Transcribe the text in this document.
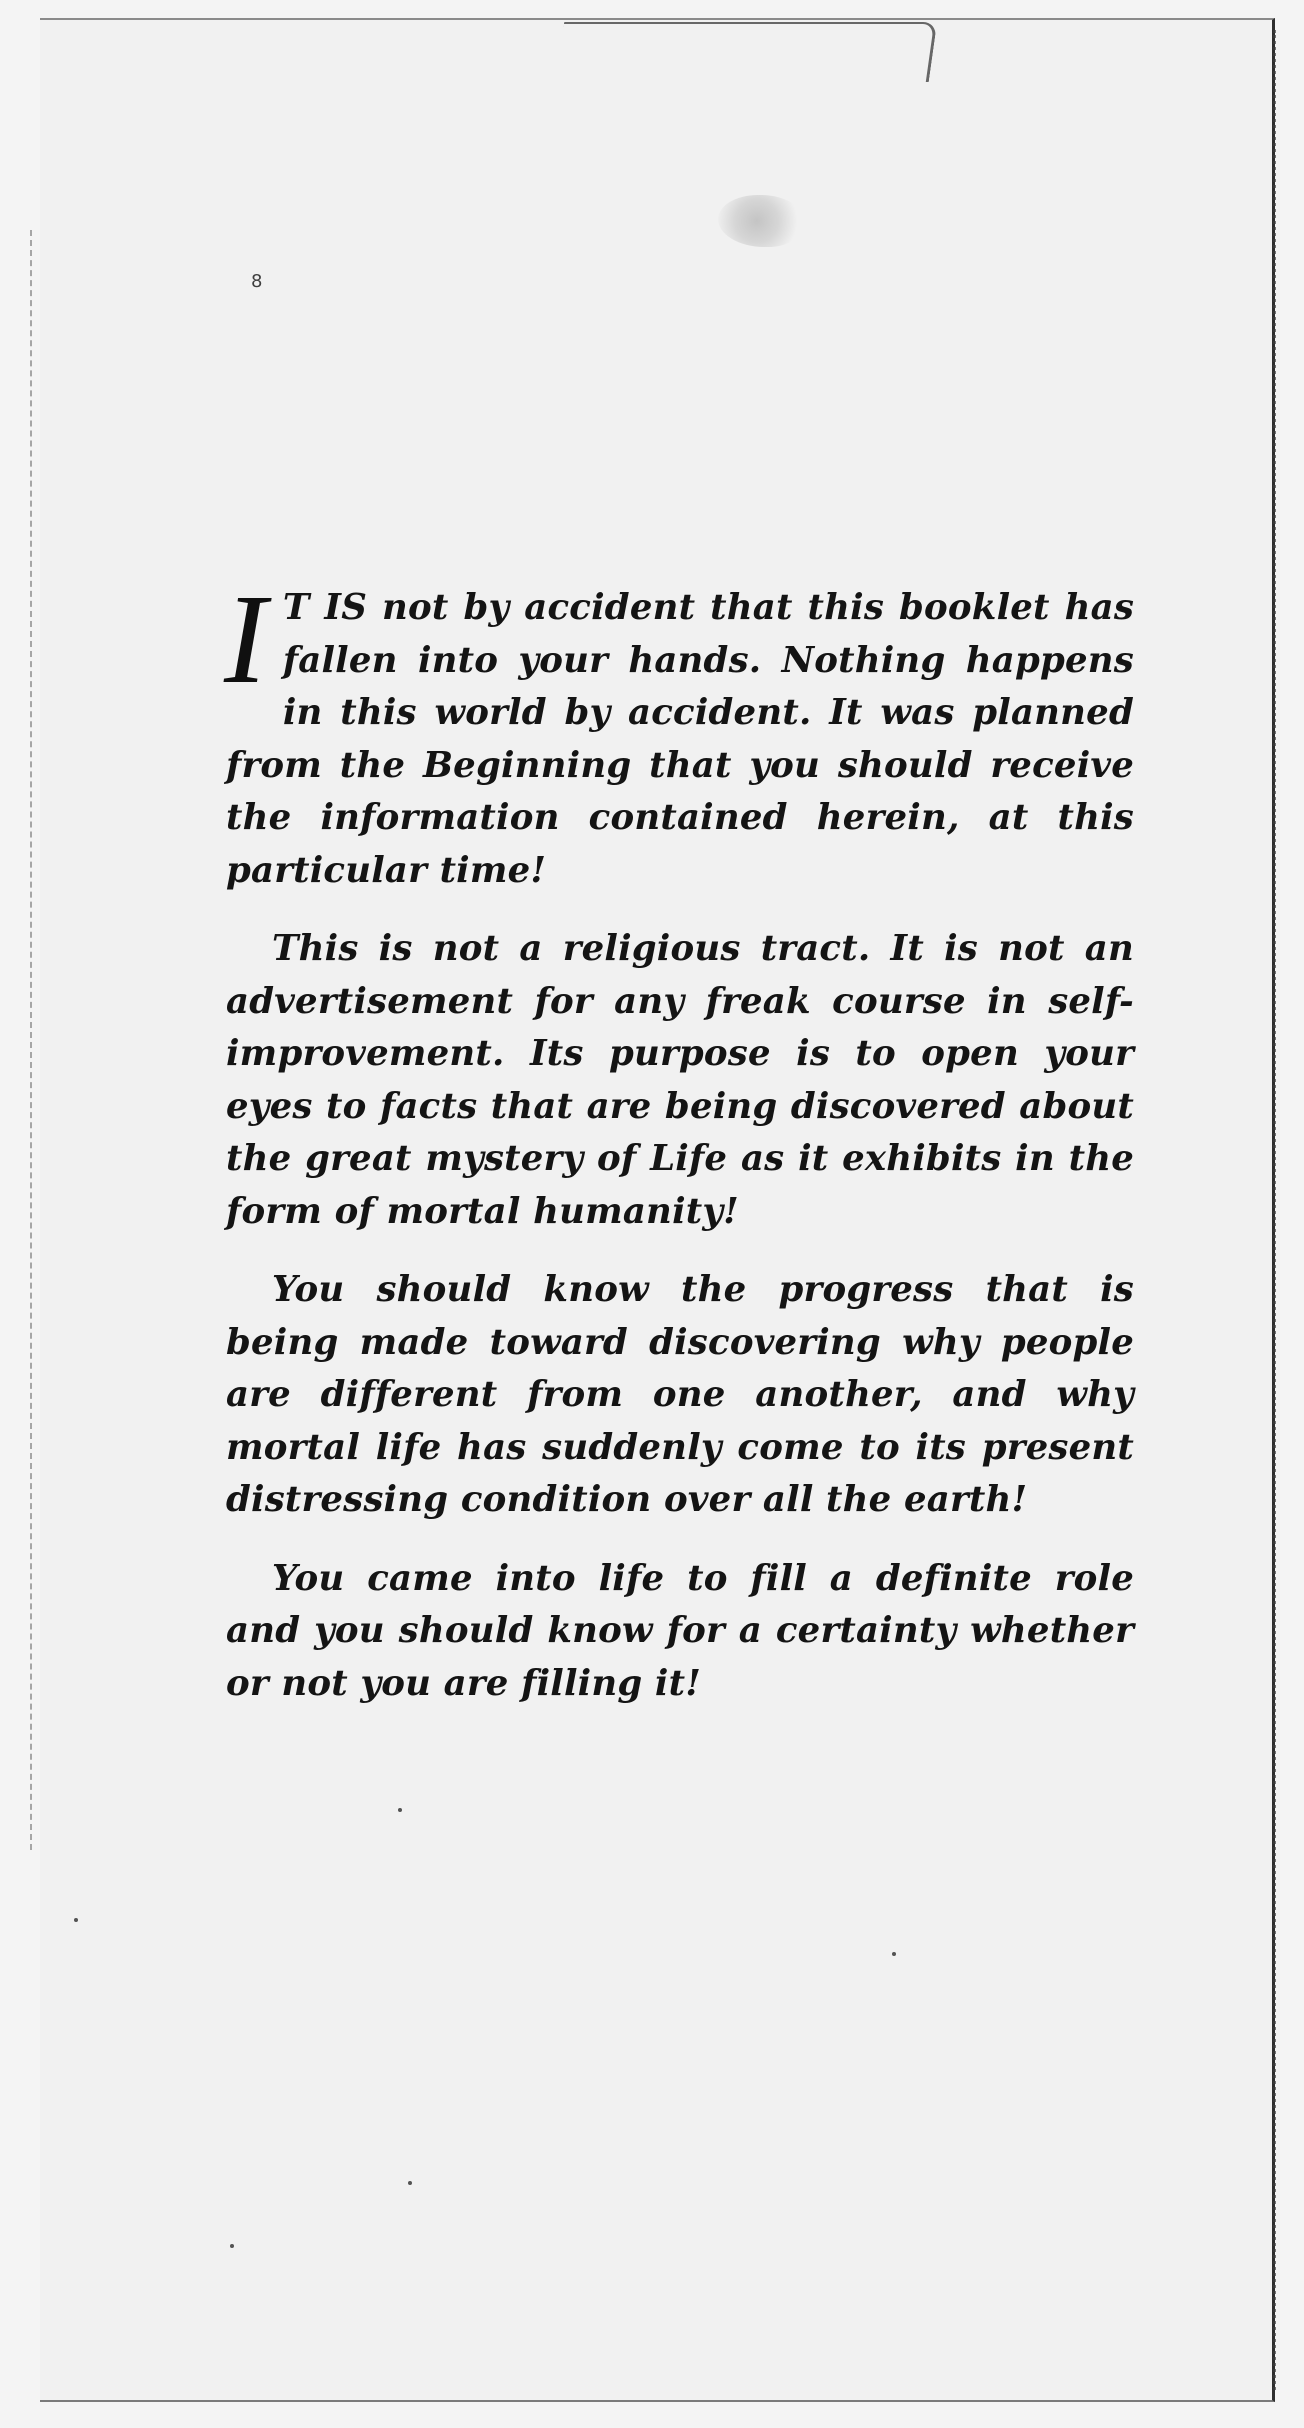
8

I T IS not by accident that this booklet has fallen into your hands. Nothing happens in this world by accident. It was planned from the Beginning that you should receive the information contained herein, at this particular time!

This is not a religious tract. It is not an advertisement for any freak course in self-improvement. Its purpose is to open your eyes to facts that are being discovered about the great mystery of Life as it exhibits in the form of mortal humanity!

You should know the progress that is being made toward discovering why people are different from one another, and why mortal life has suddenly come to its present distressing condition over all the earth!

You came into life to fill a definite role and you should know for a certainty whether or not you are filling it!
